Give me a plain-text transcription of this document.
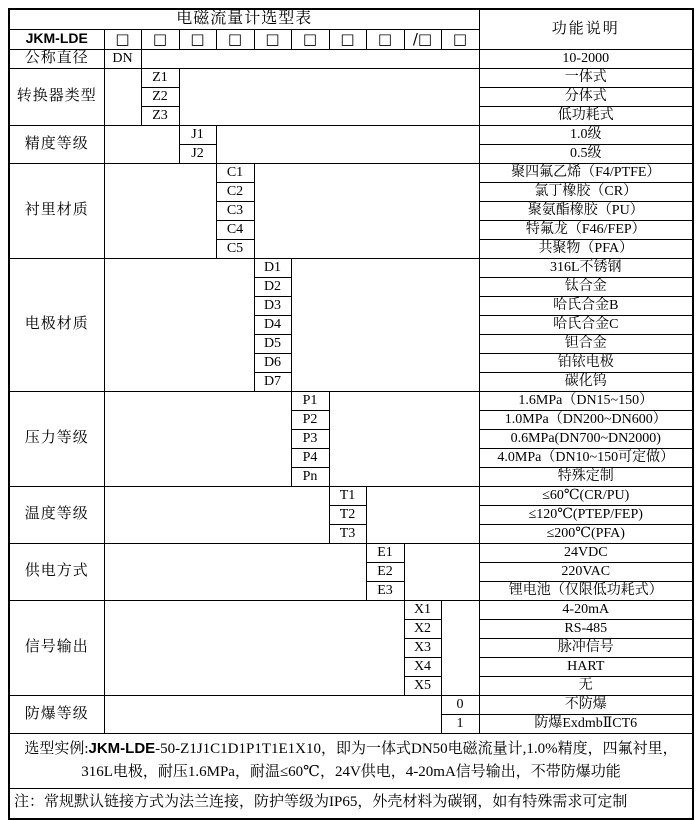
电磁流量计选型表											功能说明
JKM-LDE	□	□	□	□	□	□	□	□	/□	□	
公称直径	DN										10-2000
转换器类型		Z1									一体式
		Z2									分体式
		Z3									低功耗式
精度等级			J1								1.0级
			J2								0.5级
衬里材质				C1							聚四氟乙烯（F4/PTFE）
				C2							氯丁橡胶（CR）
				C3							聚氨酯橡胶（PU）
				C4							特氟龙（F46/FEP）
				C5							共聚物（PFA）
电极材质					D1						316L不锈钢
					D2						钛合金
					D3						哈氏合金B
					D4						哈氏合金C
					D5						钽合金
					D6						铂铱电极
					D7						碳化钨
压力等级						P1					1.6MPa（DN15~150）
						P2					1.0MPa（DN200~DN600）
						P3					0.6MPa(DN700~DN2000)
						P4					4.0MPa（DN10~150可定做）
						Pn					特殊定制
温度等级							T1				≤60℃(CR/PU)
							T2				≤120℃(PTEP/FEP)
							T3				≤200℃(PFA)
供电方式								E1			24VDC
								E2			220VAC
								E3			锂电池（仅限低功耗式）
信号输出									X1		4-20mA
									X2		RS-485
									X3		脉冲信号
									X4		HART
									X5		无
防爆等级										0	不防爆
										1	防爆ExdmbⅡCT6
选型实例:JKM-LDE-50-Z1J1C1D1P1T1E1X10，即为一体式DN50电磁流量计,1.0%精度，四氟衬里，316L电极，耐压1.6MPa，耐温≤60℃，24V供电，4-20mA信号输出，不带防爆功能											
注：常规默认链接方式为法兰连接，防护等级为IP65，外壳材料为碳钢，如有特殊需求可定制											
